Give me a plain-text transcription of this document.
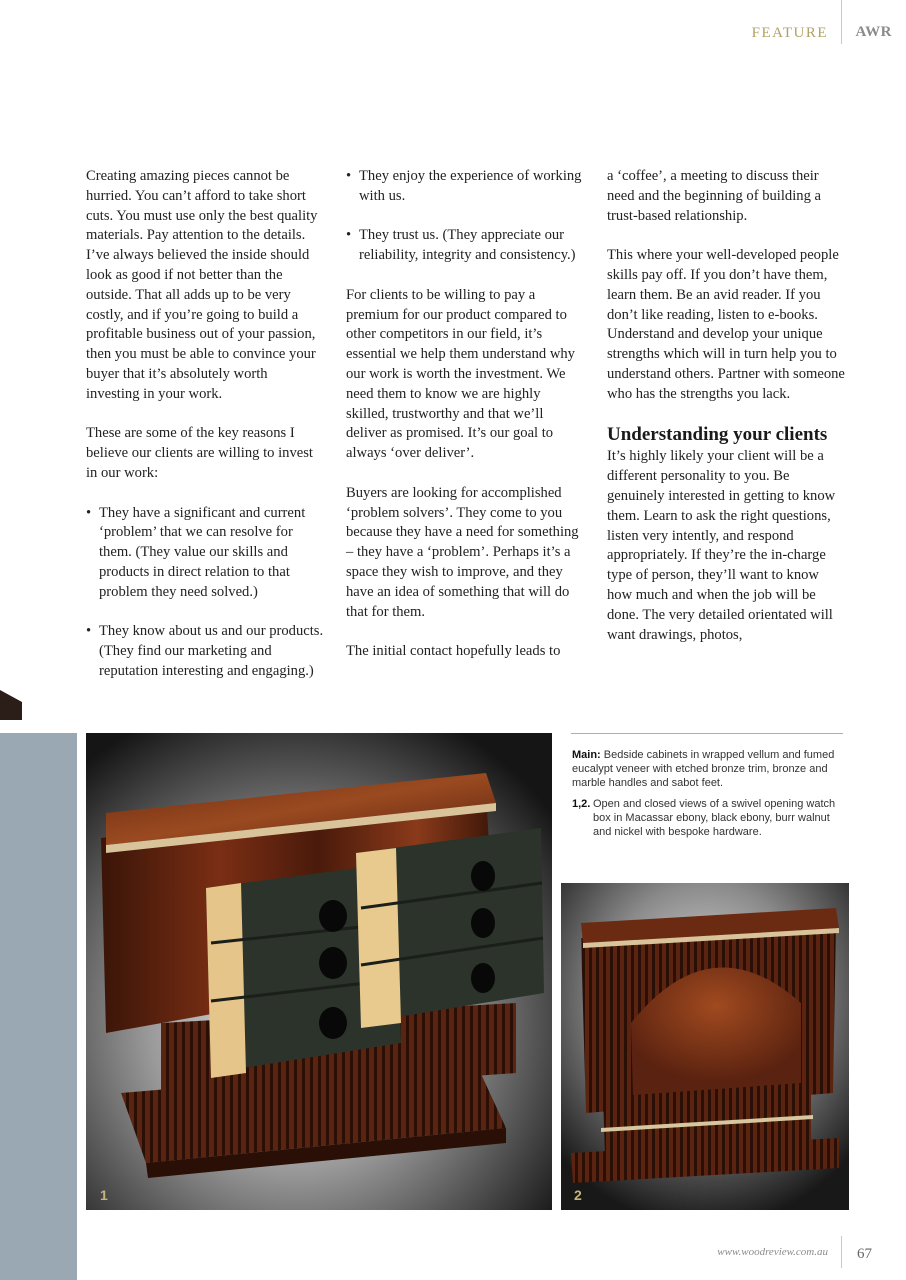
FEATURE AWR

Creating amazing pieces cannot be hurried. You can’t afford to take short cuts. You must use only the best quality materials. Pay attention to the details. I’ve always believed the inside should look as good if not better than the outside. That all adds up to be very costly, and if you’re going to build a profitable business out of your passion, then you must be able to convince your buyer that it’s absolutely worth investing in your work.

These are some of the key reasons I believe our clients are willing to invest in our work:

• They have a significant and current ‘problem’ that we can resolve for them. (They value our skills and products in direct relation to that problem they need solved.)
• They know about us and our products. (They find our marketing and reputation interesting and engaging.)
• They enjoy the experience of working with us.
• They trust us. (They appreciate our reliability, integrity and consistency.)

For clients to be willing to pay a premium for our product compared to other competitors in our field, it’s essential we help them understand why our work is worth the investment. We need them to know we are highly skilled, trustworthy and that we’ll deliver as promised. It’s our goal to always ‘over deliver’.

Buyers are looking for accomplished ‘problem solvers’. They come to you because they have a need for something – they have a ‘problem’. Perhaps it’s a space they wish to improve, and they have an idea of something that will do that for them.

The initial contact hopefully leads to

a ‘coffee’, a meeting to discuss their need and the beginning of building a trust-based relationship.

This where your well-developed people skills pay off. If you don’t have them, learn them. Be an avid reader. If you don’t like reading, listen to e-books. Understand and develop your unique strengths which will in turn help you to understand others. Partner with someone who has the strengths you lack.

Understanding your clients

It’s highly likely your client will be a different personality to you. Be genuinely interested in getting to know them. Learn to ask the right questions, listen very intently, and respond appropriately. If they’re the in-charge type of person, they’ll want to know how much and when the job will be done. The very detailed orientated will want drawings, photos,

Main: Bedside cabinets in wrapped vellum and fumed eucalypt veneer with etched bronze trim, bronze and marble handles and sabot feet.
1,2. Open and closed views of a swivel opening watch box in Macassar ebony, black ebony, burr walnut and nickel with bespoke hardware.
1	2
www.woodreview.com.au 67
